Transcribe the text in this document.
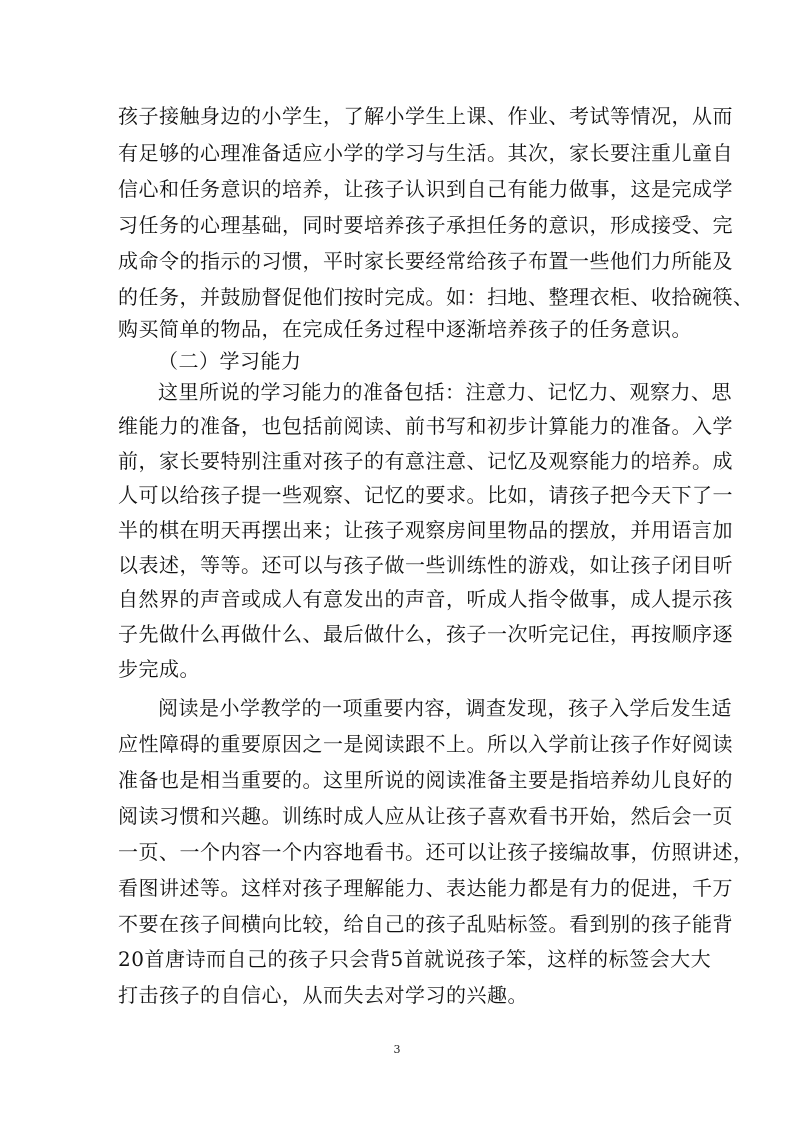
孩子接触身边的小学生，了解小学生上课、作业、考试等情况，从而
有足够的心理准备适应小学的学习与生活。其次，家长要注重儿童自
信心和任务意识的培养，让孩子认识到自己有能力做事，这是完成学
习任务的心理基础，同时要培养孩子承担任务的意识，形成接受、完
成命令的指示的习惯，平时家长要经常给孩子布置一些他们力所能及
的任务，并鼓励督促他们按时完成。如：扫地、整理衣柜、收拾碗筷、
购买简单的物品，在完成任务过程中逐渐培养孩子的任务意识。
（二）学习能力
这里所说的学习能力的准备包括：注意力、记忆力、观察力、思
维能力的准备，也包括前阅读、前书写和初步计算能力的准备。入学
前，家长要特别注重对孩子的有意注意、记忆及观察能力的培养。成
人可以给孩子提一些观察、记忆的要求。比如，请孩子把今天下了一
半的棋在明天再摆出来；让孩子观察房间里物品的摆放，并用语言加
以表述，等等。还可以与孩子做一些训练性的游戏，如让孩子闭目听
自然界的声音或成人有意发出的声音，听成人指令做事，成人提示孩
子先做什么再做什么、最后做什么，孩子一次听完记住，再按顺序逐
步完成。
阅读是小学教学的一项重要内容，调查发现，孩子入学后发生适
应性障碍的重要原因之一是阅读跟不上。所以入学前让孩子作好阅读
准备也是相当重要的。这里所说的阅读准备主要是指培养幼儿良好的
阅读习惯和兴趣。训练时成人应从让孩子喜欢看书开始，然后会一页
一页、一个内容一个内容地看书。还可以让孩子接编故事，仿照讲述，
看图讲述等。这样对孩子理解能力、表达能力都是有力的促进，千万
不要在孩子间横向比较，给自己的孩子乱贴标签。看到别的孩子能背
20首唐诗而自己的孩子只会背5首就说孩子笨，这样的标签会大大
打击孩子的自信心，从而失去对学习的兴趣。
3
